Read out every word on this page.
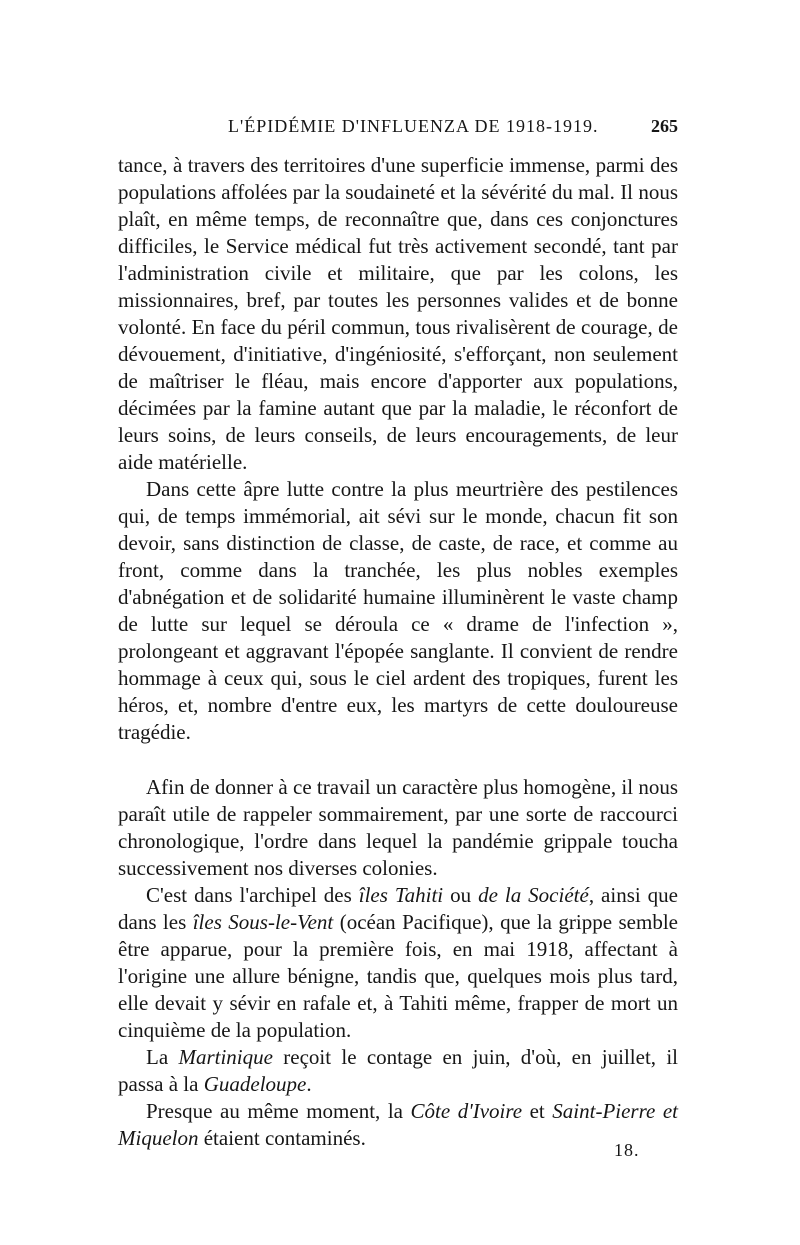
L'ÉPIDÉMIE D'INFLUENZA DE 1918-1919.	265

tance, à travers des territoires d'une superficie immense, parmi des populations affolées par la soudaineté et la sévérité du mal. Il nous plaît, en même temps, de reconnaître que, dans ces conjonctures difficiles, le Service médical fut très activement secondé, tant par l'administration civile et militaire, que par les colons, les missionnaires, bref, par toutes les personnes valides et de bonne volonté. En face du péril commun, tous rivalisèrent de courage, de dévouement, d'initiative, d'ingéniosité, s'efforçant, non seulement de maîtriser le fléau, mais encore d'apporter aux populations, décimées par la famine autant que par la maladie, le réconfort de leurs soins, de leurs conseils, de leurs encouragements, de leur aide matérielle.

Dans cette âpre lutte contre la plus meurtrière des pestilences qui, de temps immémorial, ait sévi sur le monde, chacun fit son devoir, sans distinction de classe, de caste, de race, et comme au front, comme dans la tranchée, les plus nobles exemples d'abnégation et de solidarité humaine illuminèrent le vaste champ de lutte sur lequel se déroula ce « drame de l'infection », prolongeant et aggravant l'épopée sanglante. Il convient de rendre hommage à ceux qui, sous le ciel ardent des tropiques, furent les héros, et, nombre d'entre eux, les martyrs de cette douloureuse tragédie.

Afin de donner à ce travail un caractère plus homogène, il nous paraît utile de rappeler sommairement, par une sorte de raccourci chronologique, l'ordre dans lequel la pandémie grippale toucha successivement nos diverses colonies.

C'est dans l'archipel des îles Tahiti ou de la Société, ainsi que dans les îles Sous-le-Vent (océan Pacifique), que la grippe semble être apparue, pour la première fois, en mai 1918, affectant à l'origine une allure bénigne, tandis que, quelques mois plus tard, elle devait y sévir en rafale et, à Tahiti même, frapper de mort un cinquième de la population.

La Martinique reçoit le contage en juin, d'où, en juillet, il passa à la Guadeloupe.

Presque au même moment, la Côte d'Ivoire et Saint-Pierre et Miquelon étaient contaminés.	18.
